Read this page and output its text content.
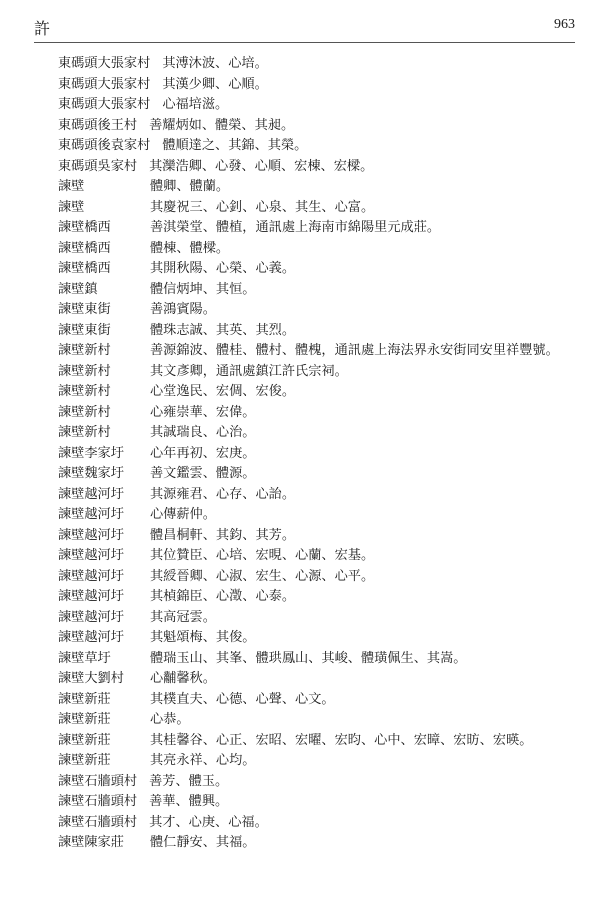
許	963
東碼頭大張家村 其溥沐波、心培。
東碼頭大張家村 其漢少卿、心順。
東碼頭大張家村 心福培滋。
東碼頭後王村 善耀炳如、體榮、其昶。
東碼頭後袁家村 體順達之、其錦、其榮。
東碼頭吳家村 其灤浩卿、心發、心順、宏棟、宏樑。
諫壁	體卿、體蘭。
諫壁	其慶祝三、心釗、心泉、其生、心富。
諫壁橋西	善淇榮堂、體植，通訊處上海南市綿陽里元成莊。
諫壁橋西	體棟、體樑。
諫壁橋西	其開秋陽、心榮、心義。
諫壁鎮	體信炳坤、其恒。
諫壁東街	善鴻賓陽。
諫壁東街	體珠志誠、其英、其烈。
諫壁新村	善源錦波、體桂、體村、體槐，通訊處上海法界永安街同安里祥豐號。
諫壁新村	其文彥卿，通訊處鎮江許氏宗祠。
諫壁新村	心堂逸民、宏倜、宏俊。
諫壁新村	心雍崇華、宏偉。
諫壁新村	其誠瑞良、心治。
諫壁李家圩 心年再初、宏庚。
諫壁魏家圩 善文鑑雲、體源。
諫壁越河圩 其源雍君、心存、心詒。
諫壁越河圩 心傳薪仲。
諫壁越河圩 體昌桐軒、其鈞、其芳。
諫壁越河圩 其位贊臣、心培、宏晛、心蘭、宏基。
諫壁越河圩 其綬晉卿、心淑、宏生、心源、心平。
諫壁越河圩 其楨錦臣、心澂、心泰。
諫壁越河圩 其高冠雲。
諫壁越河圩 其魁頌梅、其俊。
諫壁草圩	體瑞玉山、其峯、體珙鳳山、其峻、體璜佩生、其嵩。
諫壁大劉村 心黼馨秋。
諫壁新莊	其樸直夫、心德、心聲、心文。
諫壁新莊	心恭。
諫壁新莊	其桂馨谷、心正、宏昭、宏曜、宏昀、心中、宏暲、宏昉、宏暎。
諫壁新莊	其亮永祥、心均。
諫壁石牆頭村 善芳、體玉。
諫壁石牆頭村 善華、體興。
諫壁石牆頭村 其才、心庚、心福。
諫壁陳家莊 體仁靜安、其福。
